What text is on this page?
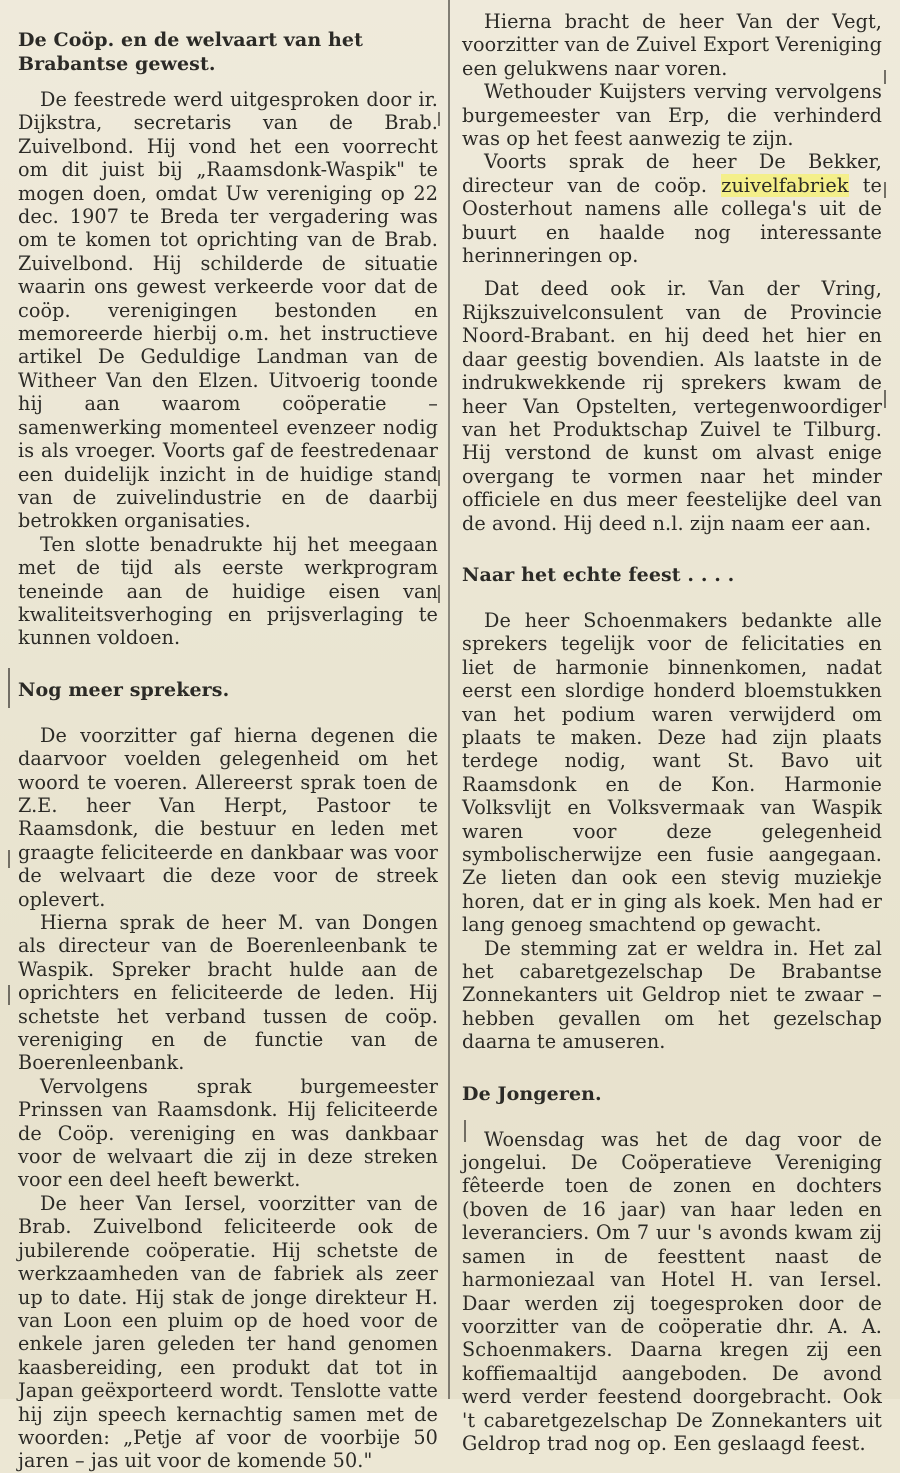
De Coöp. en de welvaart van het Brabantse gewest.

De feestrede werd uitgesproken door ir. Dijkstra, secretaris van de Brab. Zuivelbond. Hij vond het een voorrecht om dit juist bij „Raamsdonk-Waspik" te mogen doen, omdat Uw vereniging op 22 dec. 1907 te Breda ter vergadering was om te komen tot oprichting van de Brab. Zuivelbond. Hij schilderde de situatie waarin ons gewest verkeerde voor dat de coöp. verenigingen bestonden en memoreerde hierbij o.m. het instructieve artikel De Geduldige Landman van de Witheer Van den Elzen. Uitvoerig toonde hij aan waarom coöperatie – samenwerking momenteel evenzeer nodig is als vroeger. Voorts gaf de feestredenaar een duidelijk inzicht in de huidige stand van de zuivelindustrie en de daarbij betrokken organisaties.

Ten slotte benadrukte hij het meegaan met de tijd als eerste werkprogram teneinde aan de huidige eisen van kwaliteitsverhoging en prijsverlaging te kunnen voldoen.

Nog meer sprekers.

De voorzitter gaf hierna degenen die daarvoor voelden gelegenheid om het woord te voeren. Allereerst sprak toen de Z.E. heer Van Herpt, Pastoor te Raamsdonk, die bestuur en leden met graagte feliciteerde en dankbaar was voor de welvaart die deze voor de streek oplevert.

Hierna sprak de heer M. van Dongen als directeur van de Boerenleenbank te Waspik. Spreker bracht hulde aan de oprichters en feliciteerde de leden. Hij schetste het verband tussen de coöp. vereniging en de functie van de Boerenleenbank.

Vervolgens sprak burgemeester Prinssen van Raamsdonk. Hij feliciteerde de Coöp. vereniging en was dankbaar voor de welvaart die zij in deze streken voor een deel heeft bewerkt.

De heer Van Iersel, voorzitter van de Brab. Zuivelbond feliciteerde ook de jubilerende coöperatie. Hij schetste de werkzaamheden van de fabriek als zeer up to date. Hij stak de jonge direkteur H. van Loon een pluim op de hoed voor de enkele jaren geleden ter hand genomen kaasbereiding, een produkt dat tot in Japan geëxporteerd wordt. Tenslotte vatte hij zijn speech kernachtig samen met de woorden: „Petje af voor de voorbije 50 jaren – jas uit voor de komende 50."

Hierna bracht de heer Van der Vegt, voorzitter van de Zuivel Export Vereniging een gelukwens naar voren.

Wethouder Kuijsters verving vervolgens burgemeester van Erp, die verhinderd was op het feest aanwezig te zijn.

Voorts sprak de heer De Bekker, directeur van de coöp. zuivelfabriek te Oosterhout namens alle collega's uit de buurt en haalde nog interessante herinneringen op.

Dat deed ook ir. Van der Vring, Rijkszuivelconsulent van de Provincie Noord-Brabant. en hij deed het hier en daar geestig bovendien. Als laatste in de indrukwekkende rij sprekers kwam de heer Van Opstelten, vertegenwoordiger van het Produktschap Zuivel te Tilburg. Hij verstond de kunst om alvast enige overgang te vormen naar het minder officiele en dus meer feestelijke deel van de avond. Hij deed n.l. zijn naam eer aan.

Naar het echte feest . . . .

De heer Schoenmakers bedankte alle sprekers tegelijk voor de felicitaties en liet de harmonie binnenkomen, nadat eerst een slordige honderd bloemstukken van het podium waren verwijderd om plaats te maken. Deze had zijn plaats terdege nodig, want St. Bavo uit Raamsdonk en de Kon. Harmonie Volksvlijt en Volksvermaak van Waspik waren voor deze gelegenheid symbolischerwijze een fusie aangegaan. Ze lieten dan ook een stevig muziekje horen, dat er in ging als koek. Men had er lang genoeg smachtend op gewacht.

De stemming zat er weldra in. Het zal het cabaretgezelschap De Brabantse Zonnekanters uit Geldrop niet te zwaar – hebben gevallen om het gezelschap daarna te amuseren.

De Jongeren.

Woensdag was het de dag voor de jongelui. De Coöperatieve Vereniging fêteerde toen de zonen en dochters (boven de 16 jaar) van haar leden en leveranciers. Om 7 uur 's avonds kwam zij samen in de feesttent naast de harmoniezaal van Hotel H. van Iersel. Daar werden zij toegesproken door de voorzitter van de coöperatie dhr. A. A. Schoenmakers. Daarna kregen zij een koffiemaaltijd aangeboden. De avond werd verder feestend doorgebracht. Ook 't cabaretgezelschap De Zonnekanters uit Geldrop trad nog op. Een geslaagd feest.
